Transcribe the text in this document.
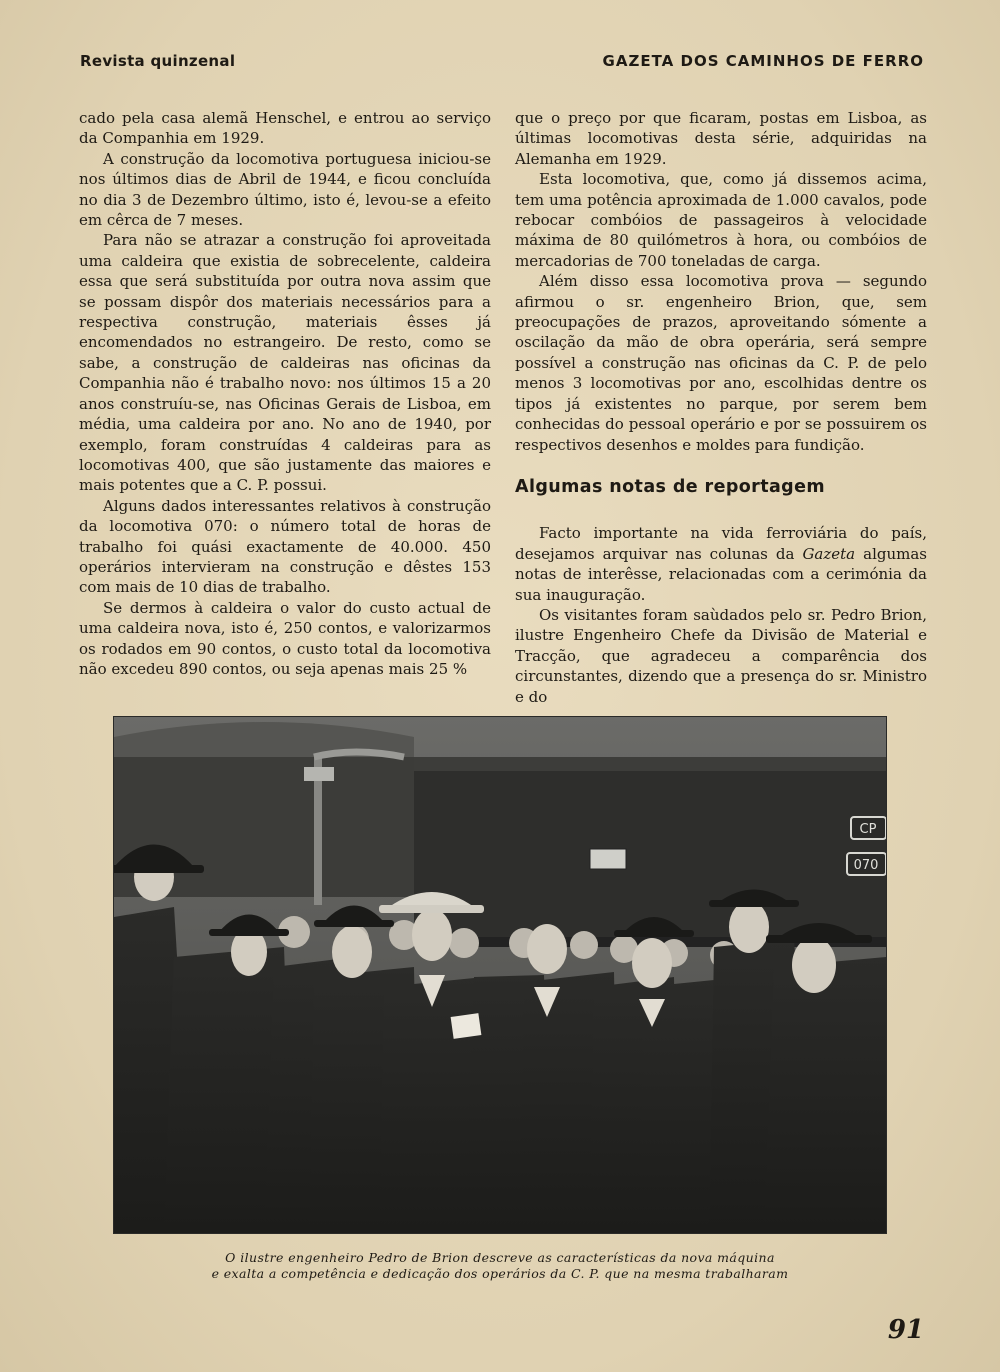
Revista quinzenal	GAZETA DOS CAMINHOS DE FERRO

cado pela casa alemã Henschel, e entrou ao serviço da Companhia em 1929.

A construção da locomotiva portuguesa iniciou-se nos últimos dias de Abril de 1944, e ficou concluída no dia 3 de Dezembro último, isto é, levou-se a efeito em cêrca de 7 meses.

Para não se atrazar a construção foi aproveitada uma caldeira que existia de sobrecelente, caldeira essa que será substituída por outra nova assim que se possam dispôr dos materiais necessários para a respectiva construção, materiais êsses já encomendados no estrangeiro. De resto, como se sabe, a construção de caldeiras nas oficinas da Companhia não é trabalho novo: nos últimos 15 a 20 anos construíu-se, nas Oficinas Gerais de Lisboa, em média, uma caldeira por ano. No ano de 1940, por exemplo, foram construídas 4 caldeiras para as locomotivas 400, que são justamente das maiores e mais potentes que a C. P. possui.

Alguns dados interessantes relativos à construção da locomotiva 070: o número total de horas de trabalho foi quási exactamente de 40.000. 450 operários intervieram na construção e dêstes 153 com mais de 10 dias de trabalho.

Se dermos à caldeira o valor do custo actual de uma caldeira nova, isto é, 250 contos, e valorizarmos os rodados em 90 contos, o custo total da locomotiva não excedeu 890 contos, ou seja apenas mais 25 %

que o preço por que ficaram, postas em Lisboa, as últimas locomotivas desta série, adquiridas na Alemanha em 1929.

Esta locomotiva, que, como já dissemos acima, tem uma potência aproximada de 1.000 cavalos, pode rebocar combóios de passageiros à velocidade máxima de 80 quilómetros à hora, ou combóios de mercadorias de 700 toneladas de carga.

Além disso essa locomotiva prova — segundo afirmou o sr. engenheiro Brion, que, sem preocupações de prazos, aproveitando sómente a oscilação da mão de obra operária, será sempre possível a construção nas oficinas da C. P. de pelo menos 3 locomotivas por ano, escolhidas dentre os tipos já existentes no parque, por serem bem conhecidas do pessoal operário e por se possuirem os respectivos desenhos e moldes para fundição.

Algumas notas de reportagem

Facto importante na vida ferroviária do país, desejamos arquivar nas colunas da Gazeta algumas notas de interêsse, relacionadas com a cerimónia da sua inauguração.

Os visitantes foram saùdados pelo sr. Pedro Brion, ilustre Engenheiro Chefe da Divisão de Material e Tracção, que agradeceu a comparência dos circunstantes, dizendo que a presença do sr. Ministro e do

CP
070
O ilustre engenheiro Pedro de Brion descreve as características da nova máquina
e exalta a competência e dedicação dos operários da C. P. que na mesma trabalharam
91
